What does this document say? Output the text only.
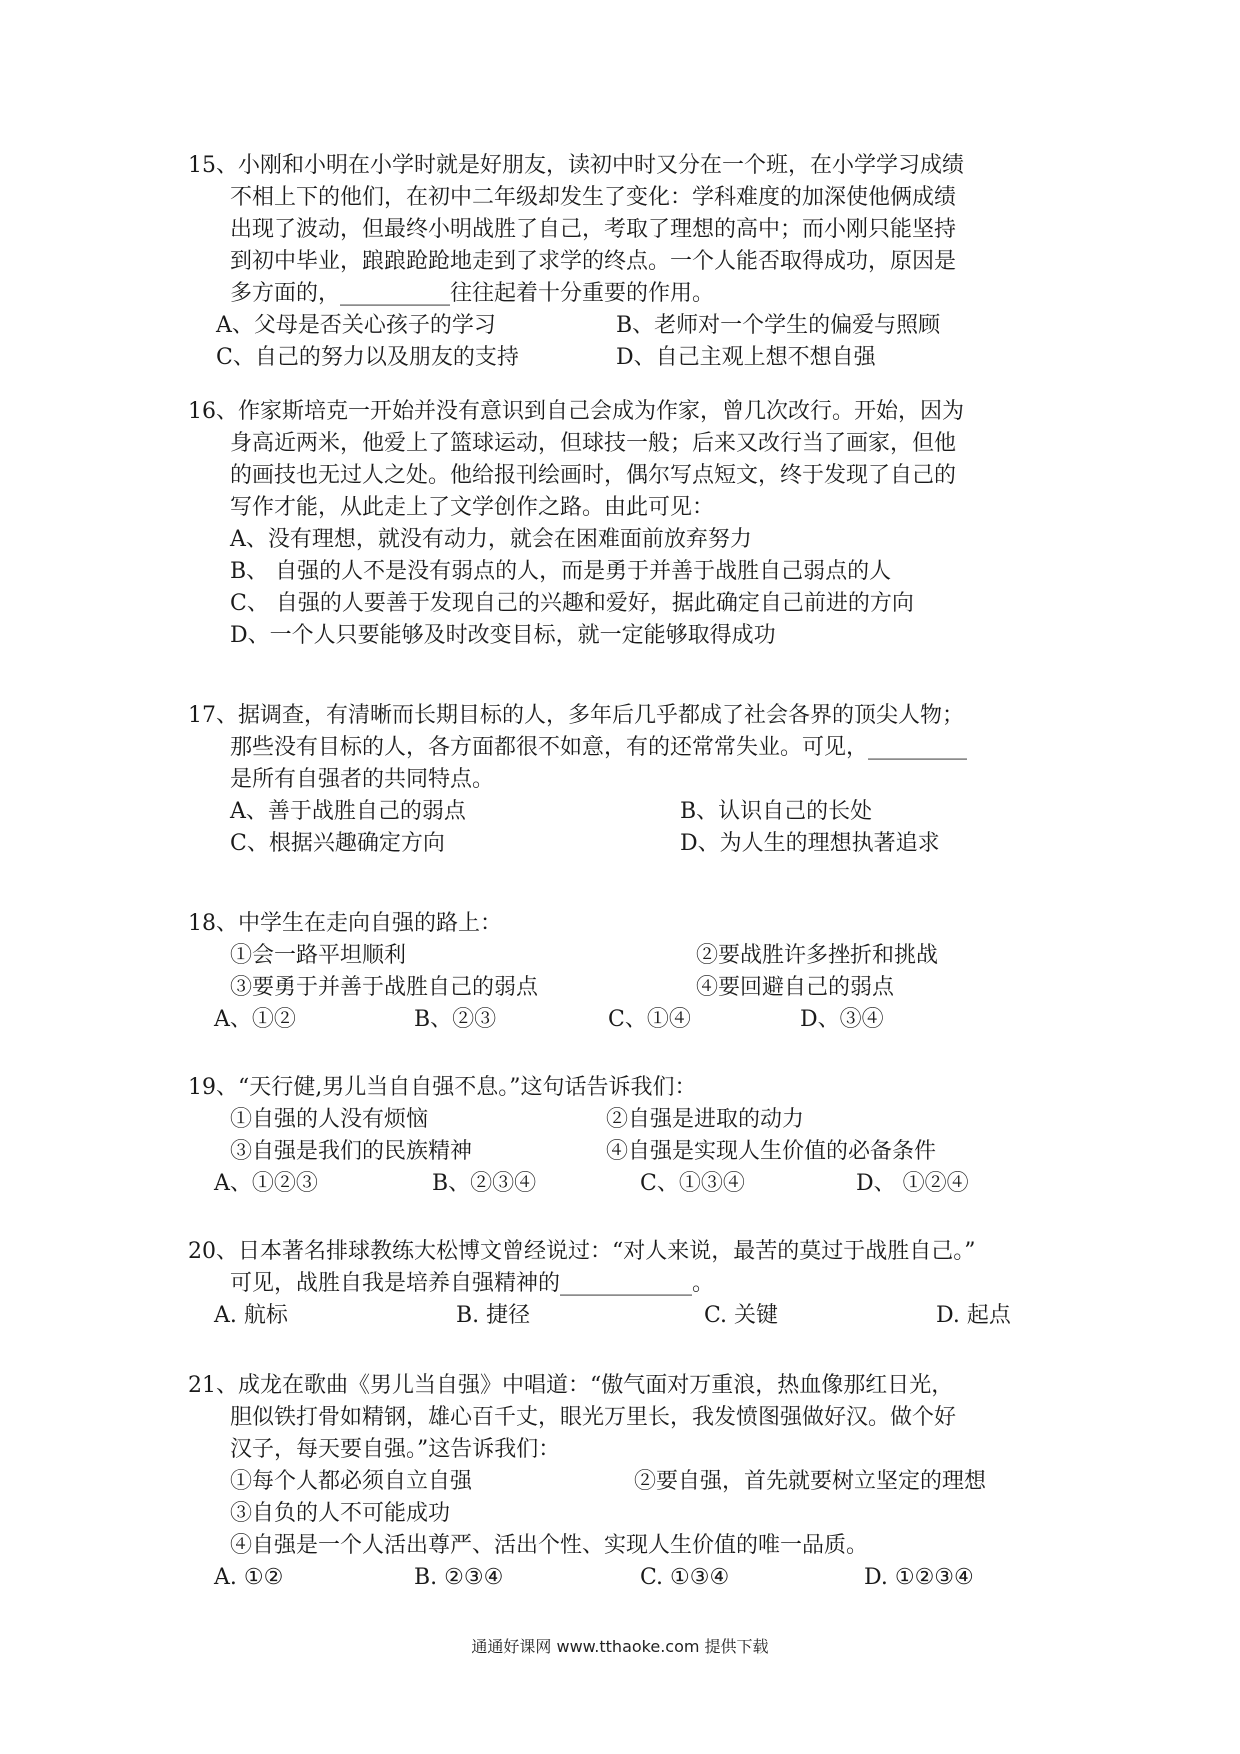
15、小刚和小明在小学时就是好朋友，读初中时又分在一个班，在小学学习成绩
不相上下的他们，在初中二年级却发生了变化：学科难度的加深使他俩成绩
出现了波动，但最终小明战胜了自己，考取了理想的高中；而小刚只能坚持
到初中毕业，踉踉跄跄地走到了求学的终点。一个人能否取得成功，原因是
多方面的，__________往往起着十分重要的作用。

A、父母是否关心孩子的学习	B、老师对一个学生的偏爱与照顾
C、自己的努力以及朋友的支持	D、自己主观上想不想自强

16、作家斯培克一开始并没有意识到自己会成为作家，曾几次改行。开始，因为
身高近两米，他爱上了篮球运动，但球技一般；后来又改行当了画家，但他
的画技也无过人之处。他给报刊绘画时，偶尔写点短文，终于发现了自己的
写作才能，从此走上了文学创作之路。由此可见：

A、没有理想，就没有动力，就会在困难面前放弃努力
B、 自强的人不是没有弱点的人，而是勇于并善于战胜自己弱点的人
C、 自强的人要善于发现自己的兴趣和爱好，据此确定自己前进的方向
D、一个人只要能够及时改变目标，就一定能够取得成功

17、据调查，有清晰而长期目标的人，多年后几乎都成了社会各界的顶尖人物；
那些没有目标的人，各方面都很不如意，有的还常常失业。可见，_________
是所有自强者的共同特点。

A、善于战胜自己的弱点	B、认识自己的长处
C、根据兴趣确定方向	D、为人生的理想执著追求

18、中学生在走向自强的路上：

①会一路平坦顺利	②要战胜许多挫折和挑战
③要勇于并善于战胜自己的弱点	④要回避自己的弱点
A、①②	B、②③	C、①④	D、③④

19、“天行健,男儿当自自强不息。”这句话告诉我们：

①自强的人没有烦恼	②自强是进取的动力
③自强是我们的民族精神	④自强是实现人生价值的必备条件
A、①②③	B、②③④	C、①③④	D、 ①②④

20、日本著名排球教练大松博文曾经说过：“对人来说，最苦的莫过于战胜自己。”
可见，战胜自我是培养自强精神的____________。

A. 航标	B. 捷径	C. 关键	D. 起点

21、成龙在歌曲《男儿当自强》中唱道：“傲气面对万重浪，热血像那红日光，
胆似铁打骨如精钢，雄心百千丈，眼光万里长，我发愤图强做好汉。做个好
汉子，每天要自强。”这告诉我们：

①每个人都必须自立自强	②要自强，首先就要树立坚定的理想
③自负的人不可能成功
④自强是一个人活出尊严、活出个性、实现人生价值的唯一品质。
A. ①②	B. ②③④	C. ①③④	D. ①②③④
通通好课网 www.tthaoke.com 提供下载
